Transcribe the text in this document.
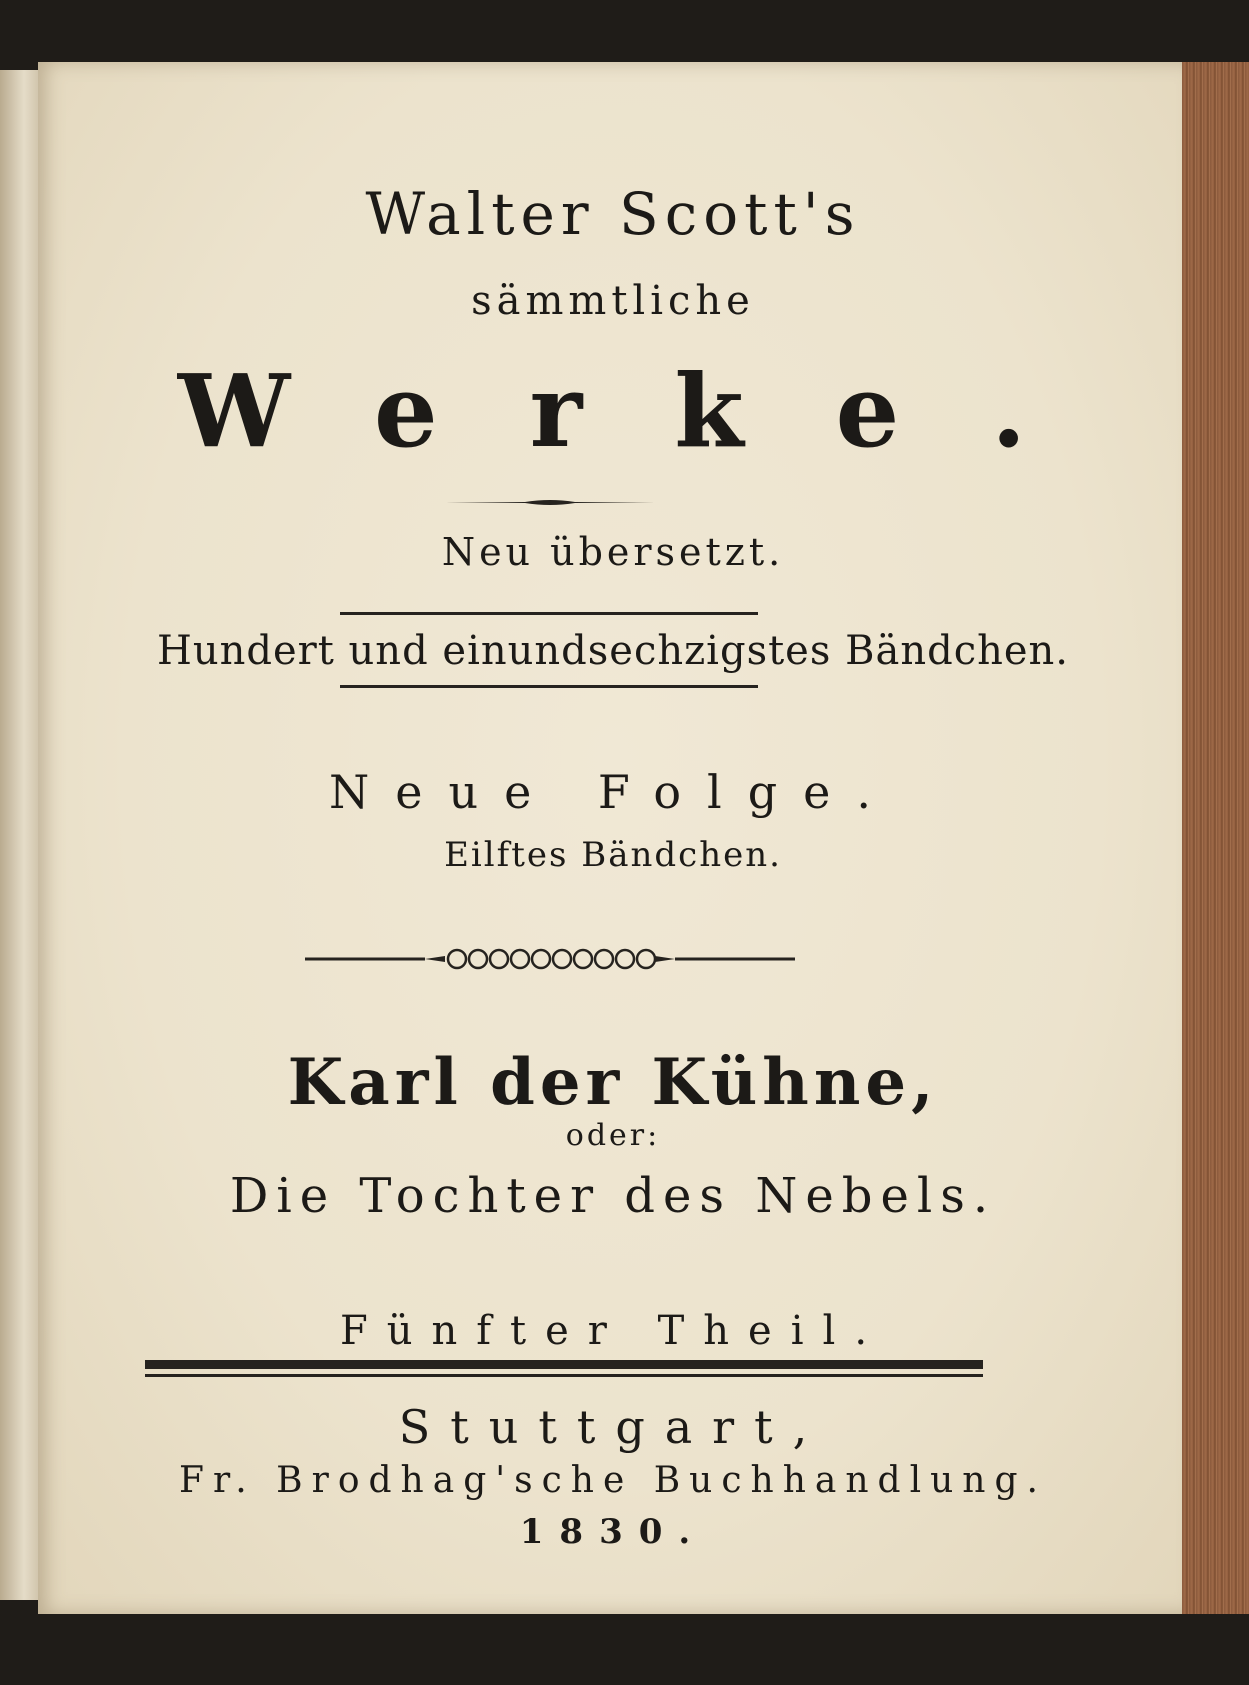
Walter Scott's
sämmtliche
Werke.
Neu übersetzt.
Hundert und einundsechzigstes Bändchen.
Neue Folge.
Eilftes Bändchen.
Karl der Kühne,
oder:
Die Tochter des Nebels.
Fünfter Theil.
Stuttgart,
Fr. Brodhag'sche Buchhandlung.
1830.
